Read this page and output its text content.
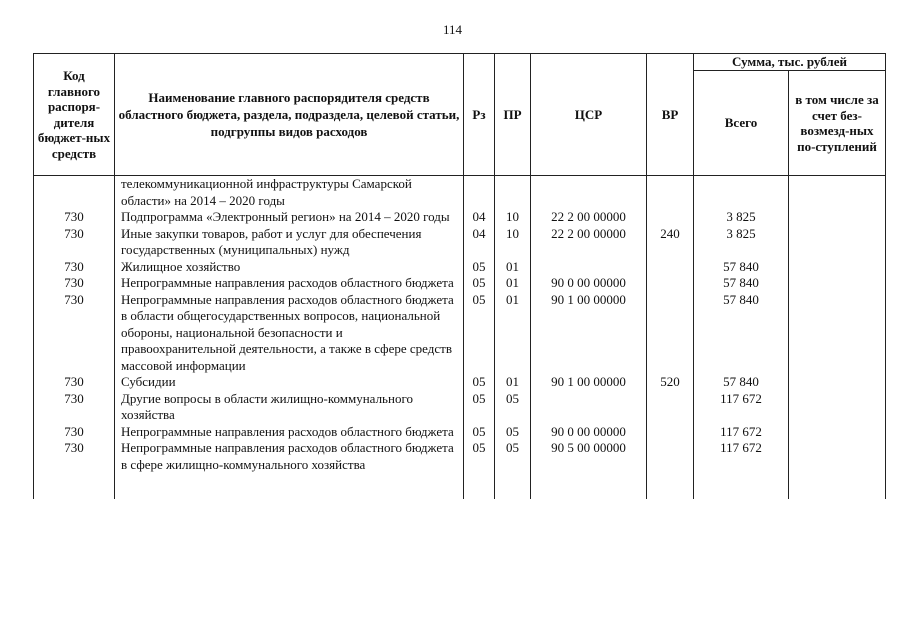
114
Код главного распоря-дителя бюджет-ных средств	Наименование главного распорядителя средств областного бюджета, раздела, подраздела, целевой статьи, подгруппы видов расходов	Рз	ПР	ЦСР	ВР	Сумма, тыс. рублей	
						Всего	в том числе за счет без-возмезд-ных по-ступлений
	телекоммуникационной инфраструктуры Самарской области» на 2014 – 2020 годы						
730	Подпрограмма «Электронный регион» на 2014 – 2020 годы	04	10	22 2 00 00000		3 825	
730	Иные закупки товаров, работ и услуг для обеспечения государственных (муниципальных) нужд	04	10	22 2 00 00000	240	3 825	
730	Жилищное хозяйство	05	01			57 840	
730	Непрограммные направления расходов областного бюджета	05	01	90 0 00 00000		57 840	
730	Непрограммные направления расходов областного бюджета в области общегосударственных вопросов, национальной обороны, национальной безопасности и правоохранительной деятельности, а также в сфере средств массовой информации	05	01	90 1 00 00000		57 840	
730	Субсидии	05	01	90 1 00 00000	520	57 840	
730	Другие вопросы в области жилищно-коммунального хозяйства	05	05			117 672	
730	Непрограммные направления расходов областного бюджета	05	05	90 0 00 00000		117 672	
730	Непрограммные направления расходов областного бюджета в сфере жилищно-коммунального хозяйства	05	05	90 5 00 00000		117 672	
